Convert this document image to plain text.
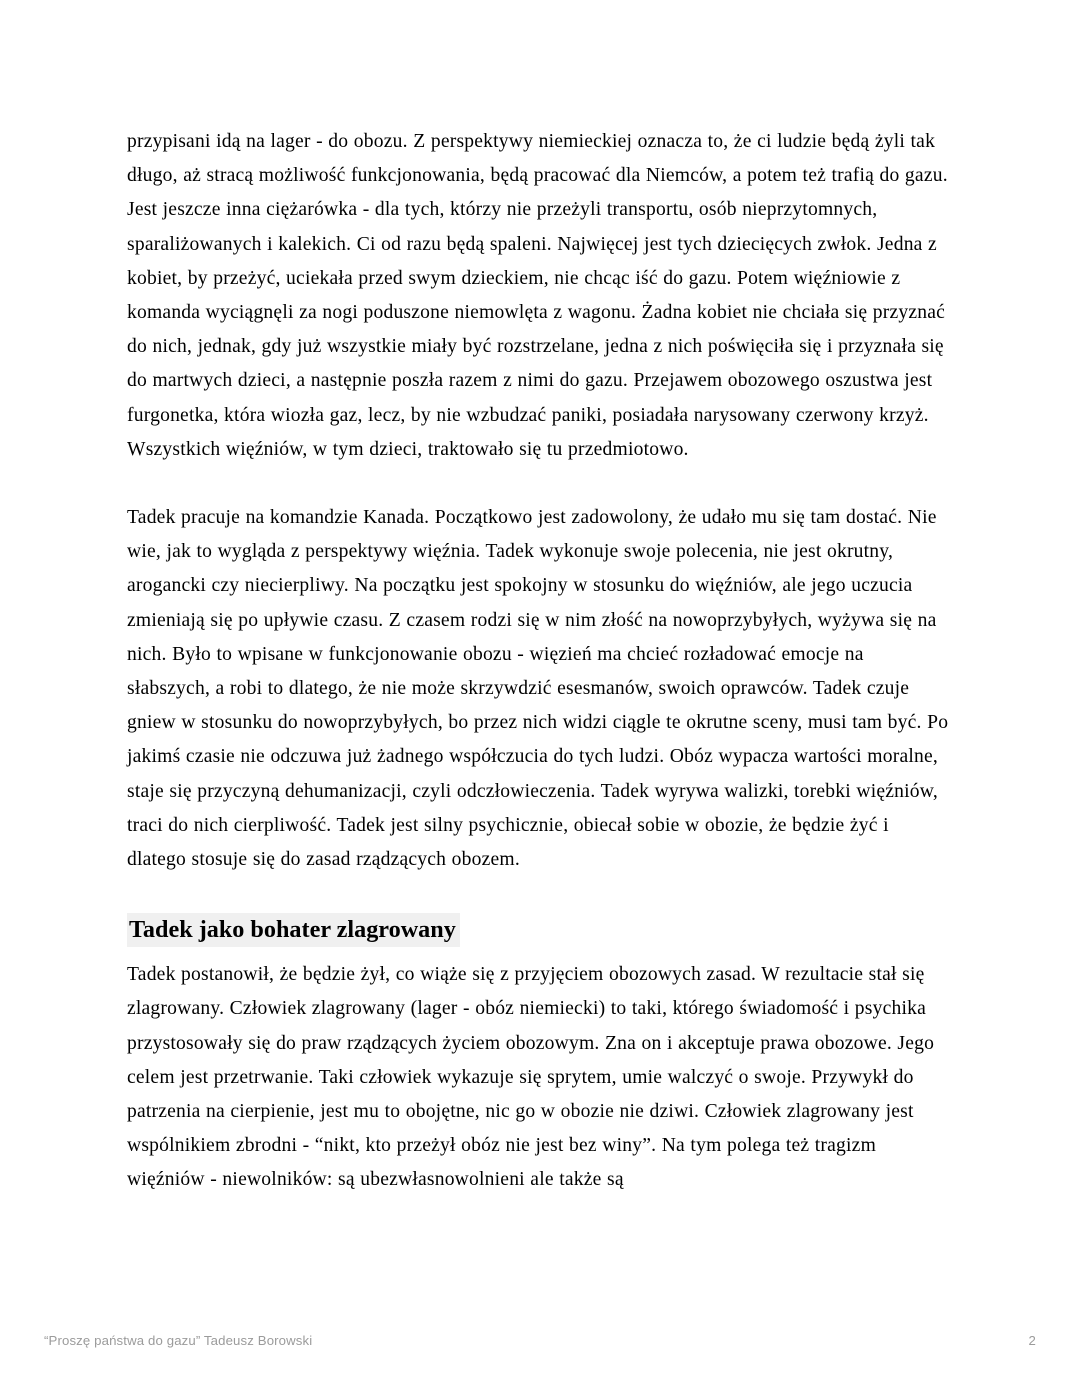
przypisani idą na lager - do obozu. Z perspektywy niemieckiej oznacza to, że ci ludzie będą żyli tak długo, aż stracą możliwość funkcjonowania, będą pracować dla Niemców, a potem też trafią do gazu. Jest jeszcze inna ciężarówka - dla tych, którzy nie przeżyli transportu, osób nieprzytomnych, sparaliżowanych i kalekich. Ci od razu będą spaleni. Najwięcej jest tych dziecięcych zwłok. Jedna z kobiet, by przeżyć, uciekała przed swym dzieckiem, nie chcąc iść do gazu. Potem więźniowie z komanda wyciągnęli za nogi poduszone niemowlęta z wagonu. Żadna kobiet nie chciała się przyznać do nich, jednak, gdy już wszystkie miały być rozstrzelane, jedna z nich poświęciła się i przyznała się do martwych dzieci, a następnie poszła razem z nimi do gazu. Przejawem obozowego oszustwa jest furgonetka, która wiozła gaz, lecz, by nie wzbudzać paniki, posiadała narysowany czerwony krzyż. Wszystkich więźniów, w tym dzieci, traktowało się tu przedmiotowo.

Tadek pracuje na komandzie Kanada. Początkowo jest zadowolony, że udało mu się tam dostać. Nie wie, jak to wygląda z perspektywy więźnia. Tadek wykonuje swoje polecenia, nie jest okrutny, arogancki czy niecierpliwy. Na początku jest spokojny w stosunku do więźniów, ale jego uczucia zmieniają się po upływie czasu. Z czasem rodzi się w nim złość na nowoprzybyłych, wyżywa się na nich. Było to wpisane w funkcjonowanie obozu - więzień ma chcieć rozładować emocje na słabszych, a robi to dlatego, że nie może skrzywdzić esesmanów, swoich oprawców. Tadek czuje gniew w stosunku do nowoprzybyłych, bo przez nich widzi ciągle te okrutne sceny, musi tam być. Po jakimś czasie nie odczuwa już żadnego współczucia do tych ludzi. Obóz wypacza wartości moralne, staje się przyczyną dehumanizacji, czyli odczłowieczenia. Tadek wyrywa walizki, torebki więźniów, traci do nich cierpliwość. Tadek jest silny psychicznie, obiecał sobie w obozie, że będzie żyć i dlatego stosuje się do zasad rządzących obozem.

Tadek jako bohater zlagrowany

Tadek postanowił, że będzie żył, co wiąże się z przyjęciem obozowych zasad. W rezultacie stał się zlagrowany. Człowiek zlagrowany (lager - obóz niemiecki) to taki, którego świadomość i psychika przystosowały się do praw rządzących życiem obozowym. Zna on i akceptuje prawa obozowe. Jego celem jest przetrwanie. Taki człowiek wykazuje się sprytem, umie walczyć o swoje. Przywykł do patrzenia na cierpienie, jest mu to obojętne, nic go w obozie nie dziwi. Człowiek zlagrowany jest wspólnikiem zbrodni - “nikt, kto przeżył obóz nie jest bez winy”. Na tym polega też tragizm więźniów - niewolników: są ubezwłasnowolnieni ale także są

“Proszę państwa do gazu” Tadeusz Borowski	2
